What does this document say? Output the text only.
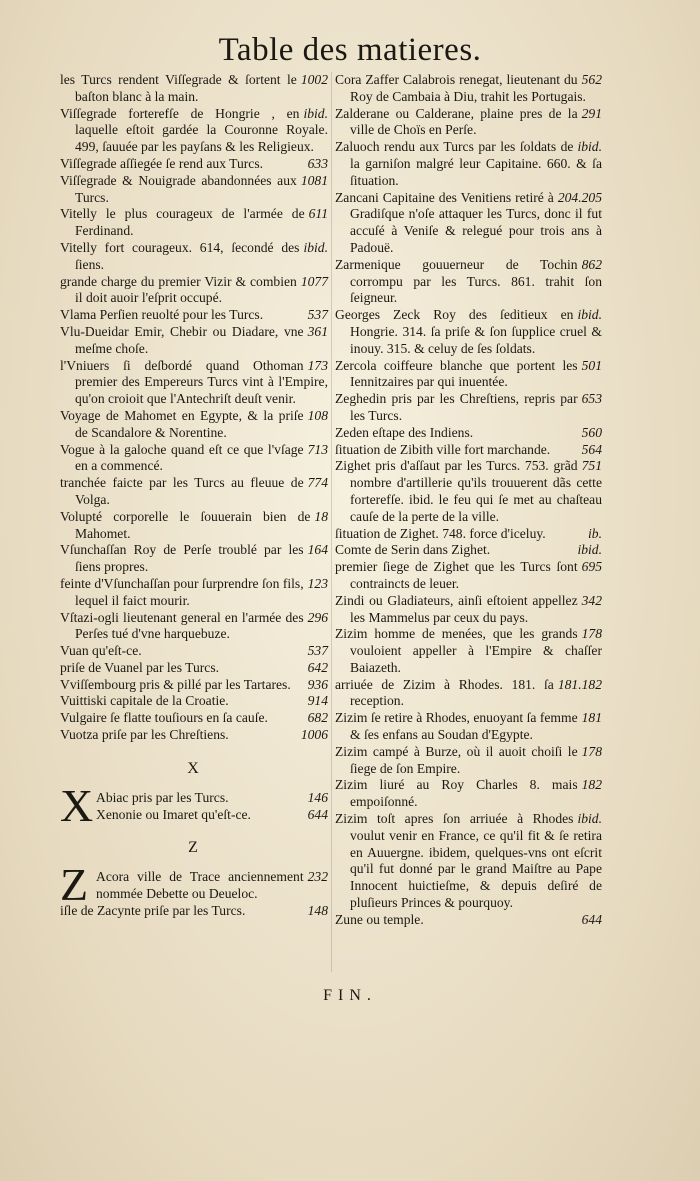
Table des matieres.
1002
les Turcs rendent Viſſegrade & ſortent le baſton blanc à la main.
ibid.
Viſſegrade forterefſe de Hongrie , en laquelle eſtoit gardée la Couronne Royale. 499, ſauuée par les payſans & les Religieux.
633
Viſſegrade aſſiegée ſe rend aux Turcs.
1081
Viſſegrade & Nouigrade abandonnées aux Turcs.
611
Vitelly le plus courageux de l'armée de Ferdinand.
ibid.
Vitelly fort courageux. 614, ſecondé des ſiens.
1077
grande charge du premier Vizir & combien il doit auoir l'eſprit occupé.
537
Vlama Perſien reuolté pour les Turcs.
361
Vlu-Dueidar Emir, Chebir ou Diadare, vne meſme choſe.
173
l'Vniuers ſi deſbordé quand Othoman premier des Empereurs Turcs vint à l'Empire, qu'on croioit que l'Antechriſt deuſt venir.
108
Voyage de Mahomet en Egypte, & la priſe de Scandalore & Norentine.
713
Vogue à la galoche quand eſt ce que l'vſage en a commencé.
774
tranchée faicte par les Turcs au fleuue de Volga.
18
Volupté corporelle le ſouuerain bien de Mahomet.
164
Vſunchaſſan Roy de Perſe troublé par les ſiens propres.
123
feinte d'Vſunchaſſan pour ſurprendre ſon fils, lequel il faict mourir.
296
Vſtazi-ogli lieutenant general en l'armée des Perſes tué d'vne harquebuze.
537
Vuan qu'eſt-ce.
642
priſe de Vuanel par les Turcs.
936
Vviſſembourg pris & pillé par les Tartares.
914
Vuittiski capitale de la Croatie.
682
Vulgaire ſe flatte touſiours en ſa cauſe.
1006
Vuotza priſe par les Chreſtiens.
X
X	146
Abiac pris par les Turcs.
644
Xenonie ou Imaret qu'eſt-ce.
Z
Z	232
Acora ville de Trace anciennement nommée Debette ou Deueloc.
148
iſle de Zacynte priſe par les Turcs.
562
Cora Zaffer Calabrois renegat, lieutenant du Roy de Cambaia à Diu, trahit les Portugais.
291
Zalderane ou Calderane, plaine pres de la ville de Choïs en Perſe.
ibid.
Zaluoch rendu aux Turcs par les ſoldats de la garniſon malgré leur Capitaine. 660. & ſa ſituation.
204.205
Zancani Capitaine des Venitiens retiré à Gradiſque n'oſe attaquer les Turcs, donc il fut accuſé à Veniſe & relegué pour trois ans à Padouë.
862
Zarmenique gouuerneur de Tochin corrompu par les Turcs. 861. trahit ſon ſeigneur.
ibid.
Georges Zeck Roy des ſeditieux en Hongrie. 314. ſa priſe & ſon ſupplice cruel & inouy. 315. & celuy de ſes ſoldats.
501
Zercola coiffeure blanche que portent les Iennitzaires par qui inuentée.
653
Zeghedin pris par les Chreſtiens, repris par les Turcs.
560
Zeden eſtape des Indiens.
564
ſituation de Zibith ville fort marchande.
751
Zighet pris d'aſſaut par les Turcs. 753. grãd nombre d'artillerie qu'ils trouuerent dãs cette forterefſe. ibid. le feu qui ſe met au chaſteau cauſe de la perte de la ville.
ib.
ſituation de Zighet. 748. force d'iceluy.
ibid.
Comte de Serin dans Zighet.
695
premier ſiege de Zighet que les Turcs ſont contraincts de leuer.
342
Zindi ou Gladiateurs, ainſi eſtoient appellez les Mammelus par ceux du pays.
178
Zizim homme de menées, que les grands vouloient appeller à l'Empire & chaſſer Baiazeth.
181.182
arriuée de Zizim à Rhodes. 181. ſa reception.
181
Zizim ſe retire à Rhodes, enuoyant ſa femme & ſes enfans au Soudan d'Egypte.
178
Zizim campé à Burze, où il auoit choiſi le ſiege de ſon Empire.
182
Zizim liuré au Roy Charles 8. mais empoiſonné.
ibid.
Zizim toſt apres ſon arriuée à Rhodes voulut venir en France, ce qu'il fit & ſe retira en Auuergne. ibidem, quelques-vns ont eſcrit qu'il fut donné par le grand Maiſtre au Pape Innocent huictieſme, & depuis deſiré de pluſieurs Princes & pourquoy.
644
Zune ou temple.
FIN.
